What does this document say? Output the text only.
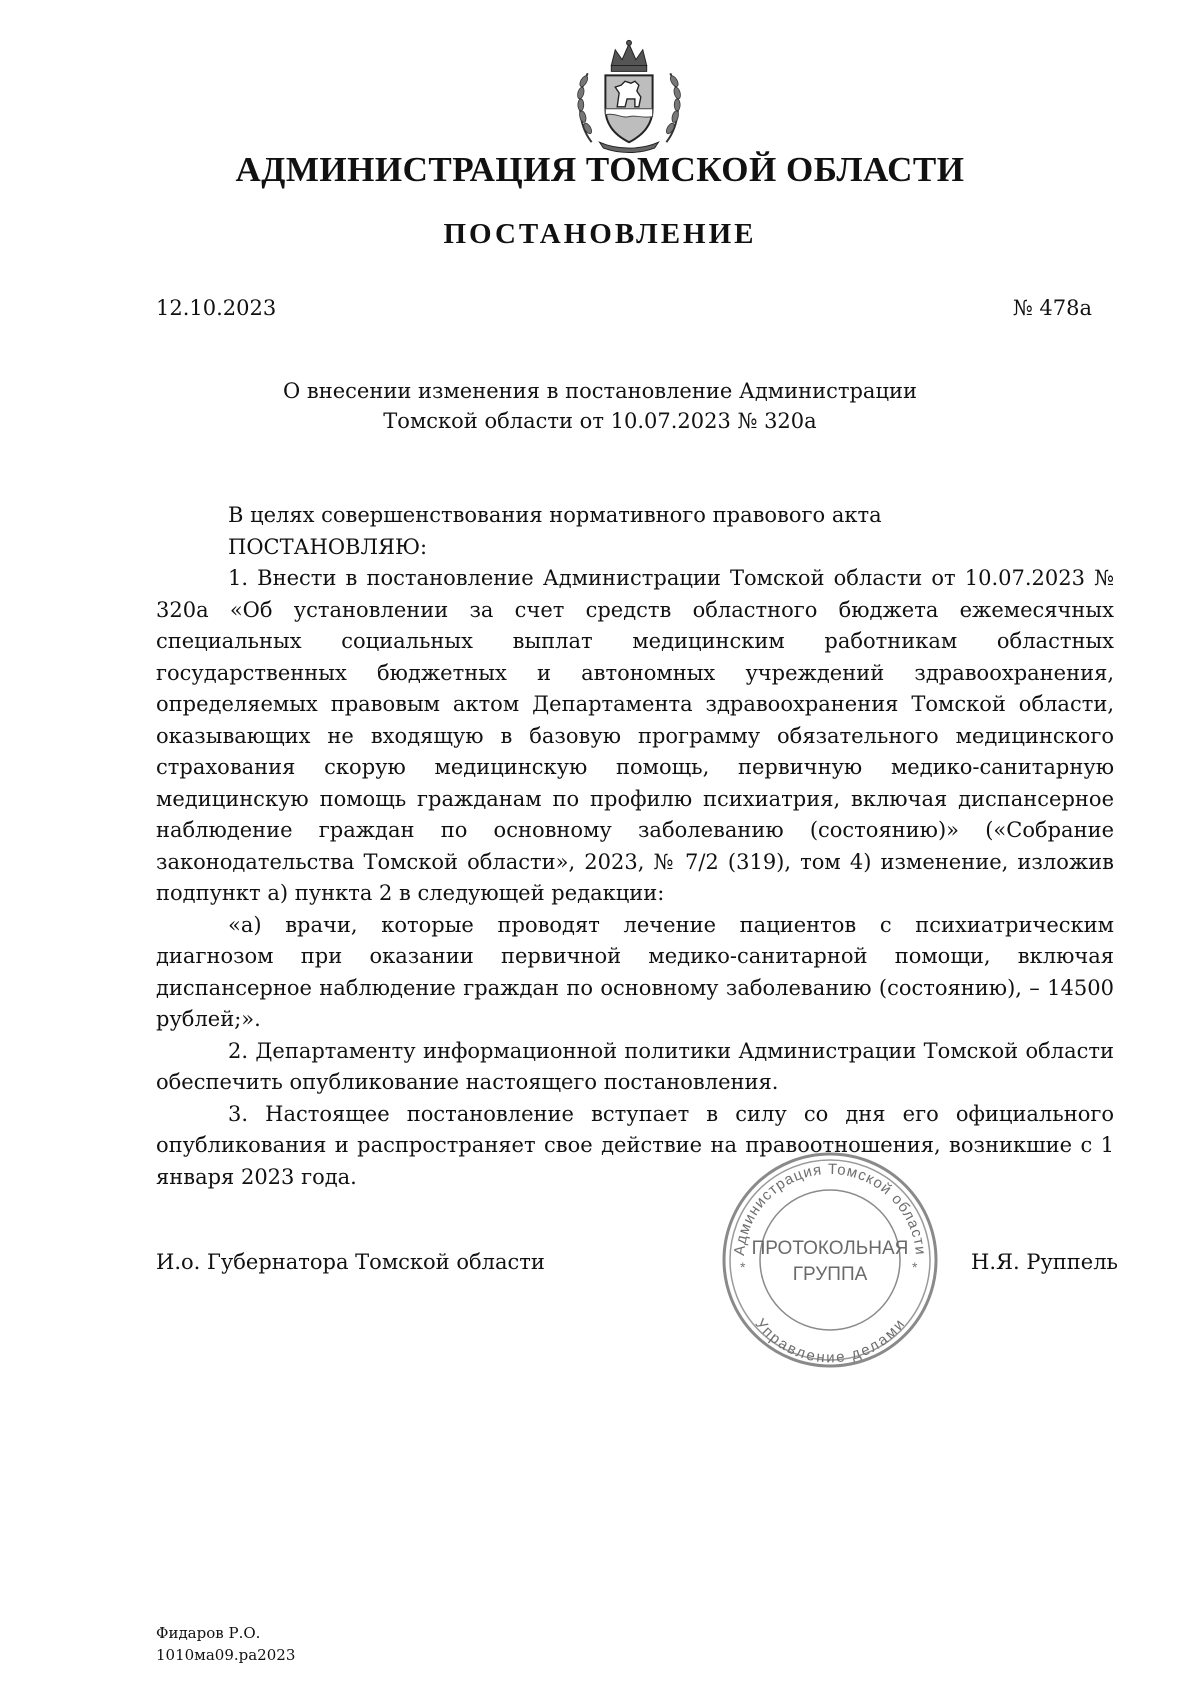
АДМИНИСТРАЦИЯ ТОМСКОЙ ОБЛАСТИ
ПОСТАНОВЛЕНИЕ
12.10.2023	№ 478а
О внесении изменения в постановление Администрации
Томской области от 10.07.2023 № 320а

В целях совершенствования нормативного правового акта

ПОСТАНОВЛЯЮ:

1. Внести в постановление Администрации Томской области от 10.07.2023 № 320а «Об установлении за счет средств областного бюджета ежемесячных специальных социальных выплат медицинским работникам областных государственных бюджетных и автономных учреждений здравоохранения, определяемых правовым актом Департамента здравоохранения Томской области, оказывающих не входящую в базовую программу обязательного медицинского страхования скорую медицинскую помощь, первичную медико-санитарную медицинскую помощь гражданам по профилю психиатрия, включая диспансерное наблюдение граждан по основному заболеванию (состоянию)» («Собрание законодательства Томской области», 2023, № 7/2 (319), том 4) изменение, изложив подпункт а) пункта 2 в следующей редакции:

«а) врачи, которые проводят лечение пациентов с психиатрическим диагнозом при оказании первичной медико-санитарной помощи, включая диспансерное наблюдение граждан по основному заболеванию (состоянию), – 14500 рублей;».

2. Департаменту информационной политики Администрации Томской области обеспечить опубликование настоящего постановления.

3. Настоящее постановление вступает в силу со дня его официального опубликования и распространяет свое действие на правоотношения, возникшие с 1 января 2023 года.

И.о. Губернатора Томской области	Администрация Томской области
Управление делами
*	*
ПРОТОКОЛЬНАЯ
ГРУППА
Н.Я. Руппель
Фидаров Р.О.
1010ма09.ра2023
